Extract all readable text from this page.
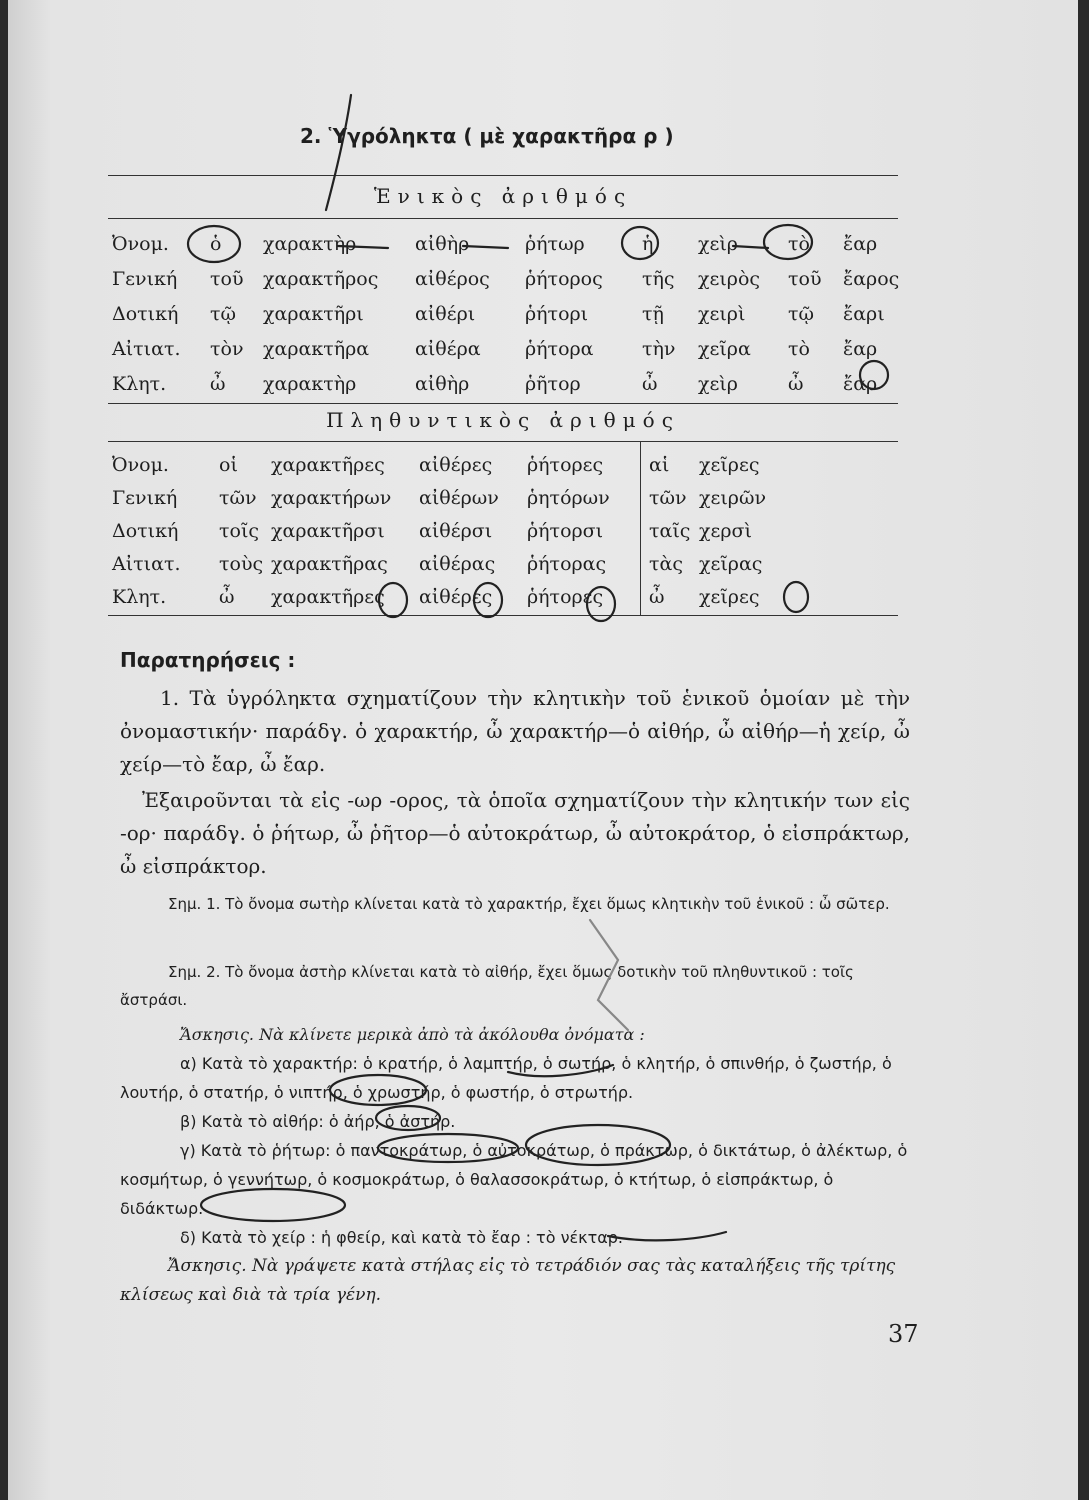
2. Ὑγρόληκτα ( μὲ χαρακτῆρα ρ )
Ἑνικὸς ἀριθμός
Ὀνομ.	ὁ	χαρακτὴρ	αἰθὴρ	ῥήτωρ	ἡ	χεὶρ	τὸ	ἔαρ
Γενική	τοῦ	χαρακτῆρος	αἰθέρος	ῥήτορος	τῆς	χειρὸς	τοῦ	ἔαρος
Δοτική	τῷ	χαρακτῆρι	αἰθέρι	ῥήτορι	τῇ	χειρὶ	τῷ	ἔαρι
Αἰτιατ.	τὸν	χαρακτῆρα	αἰθέρα	ῥήτορα	τὴν	χεῖρα	τὸ	ἔαρ
Κλητ.	ὦ	χαρακτὴρ	αἰθὴρ	ῥῆτορ	ὦ	χεὶρ	ὦ	ἔαρ
Πληθυντικὸς ἀριθμός
Ὀνομ.	οἱ	χαρακτῆρες	αἰθέρες	ῥήτορες	αἱ	χεῖρες
Γενική	τῶν	χαρακτήρων	αἰθέρων	ῥητόρων	τῶν	χειρῶν
Δοτική	τοῖς	χαρακτῆρσι	αἰθέρσι	ῥήτορσι	ταῖς	χερσὶ
Αἰτιατ.	τοὺς	χαρακτῆρας	αἰθέρας	ῥήτορας	τὰς	χεῖρας
Κλητ.	ὦ	χαρακτῆρες	αἰθέρες	ῥήτορες	ὦ	χεῖρες
Παρατηρήσεις :
1. Τὰ ὑγρόληκτα σχηματίζουν τὴν κλητικὴν τοῦ ἑνικοῦ ὁμοίαν μὲ τὴν ὀνομαστικήν· παράδγ. ὁ χαρακτήρ, ὦ χαρακτήρ—ὁ αἰθήρ, ὦ αἰθήρ—ἡ χείρ, ὦ χείρ—τὸ ἔαρ, ὦ ἔαρ.
Ἐξαιροῦνται τὰ εἰς -ωρ -ορος, τὰ ὁποῖα σχηματίζουν τὴν κλητικήν των εἰς -ορ· παράδγ. ὁ ῥήτωρ, ὦ ῥῆτορ—ὁ αὐτοκράτωρ, ὦ αὐτοκράτορ, ὁ εἰσπράκτωρ, ὦ εἰσπράκτορ.
Σημ. 1. Τὸ ὄνομα σωτὴρ κλίνεται κατὰ τὸ χαρακτήρ, ἔχει ὅμως κλητικὴν τοῦ ἑνικοῦ : ὦ σῶτερ.
Σημ. 2. Τὸ ὄνομα ἀστὴρ κλίνεται κατὰ τὸ αἰθήρ, ἔχει ὅμως δοτικὴν τοῦ πληθυντικοῦ : τοῖς ἄστράσι.
Ἄσκησις. Νὰ κλίνετε μερικὰ ἀπὸ τὰ ἀκόλουθα ὀνόματα :
α) Κατὰ τὸ χαρακτήρ: ὁ κρατήρ, ὁ λαμπτήρ, ὁ σωτήρ, ὁ κλητήρ, ὁ σπινθήρ, ὁ ζωστήρ, ὁ λουτήρ, ὁ στατήρ, ὁ νιπτήρ, ὁ χρωστήρ, ὁ φωστήρ, ὁ στρωτήρ.
β) Κατὰ τὸ αἰθήρ: ὁ ἀήρ, ὁ ἀστήρ.
γ) Κατὰ τὸ ῥήτωρ: ὁ παντοκράτωρ, ὁ αὐτοκράτωρ, ὁ πράκτωρ, ὁ δικτάτωρ, ὁ ἀλέκτωρ, ὁ κοσμήτωρ, ὁ γεννήτωρ, ὁ κοσμοκράτωρ, ὁ θαλασσοκράτωρ, ὁ κτήτωρ, ὁ εἰσπράκτωρ, ὁ διδάκτωρ.
δ) Κατὰ τὸ χείρ : ἡ φθείρ, καὶ κατὰ τὸ ἔαρ : τὸ νέκταρ.
Ἄσκησις. Νὰ γράψετε κατὰ στήλας εἰς τὸ τετράδιόν σας τὰς καταλήξεις τῆς τρίτης κλίσεως καὶ διὰ τὰ τρία γένη.
37
